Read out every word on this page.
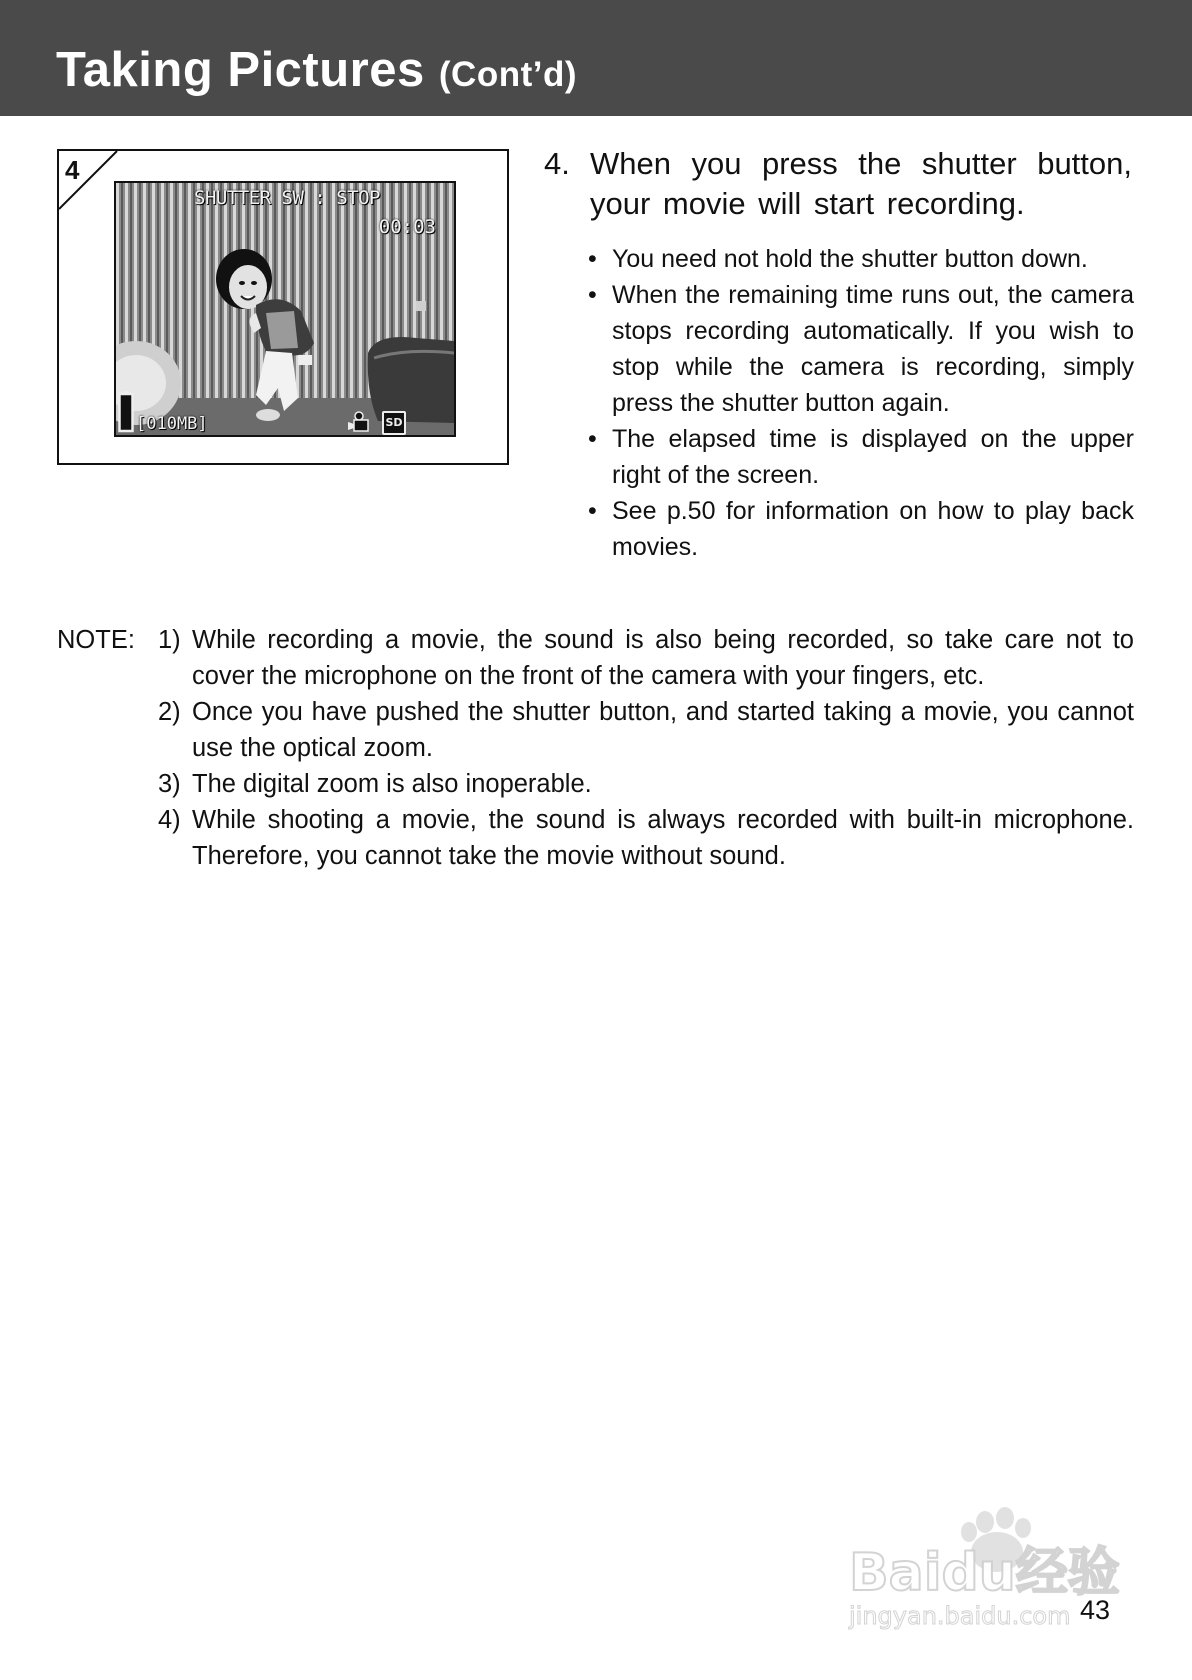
Taking Pictures (Cont’d)
4
SHUTTER SW : STOP
00:03
[010MB]	SD
4. When you press the shutter button, your movie will start recording.
• You need not hold the shutter button down.
• When the remaining time runs out, the camera stops recording automatically. If you wish to stop while the camera is recording, simply press the shutter button again.
• The elapsed time is displayed on the upper right of the screen.
• See p.50 for information on how to play back movies.
NOTE: 1) While recording a movie, the sound is also being recorded, so take care not to cover the microphone on the front of the camera with your fingers, etc.
2) Once you have pushed the shutter button, and started taking a movie, you cannot use the optical zoom.
3) The digital zoom is also inoperable.
4) While shooting a movie, the sound is always recorded with built-in microphone. Therefore, you cannot take the movie without sound.
Baidu经验
jingyan.baidu.com 43
